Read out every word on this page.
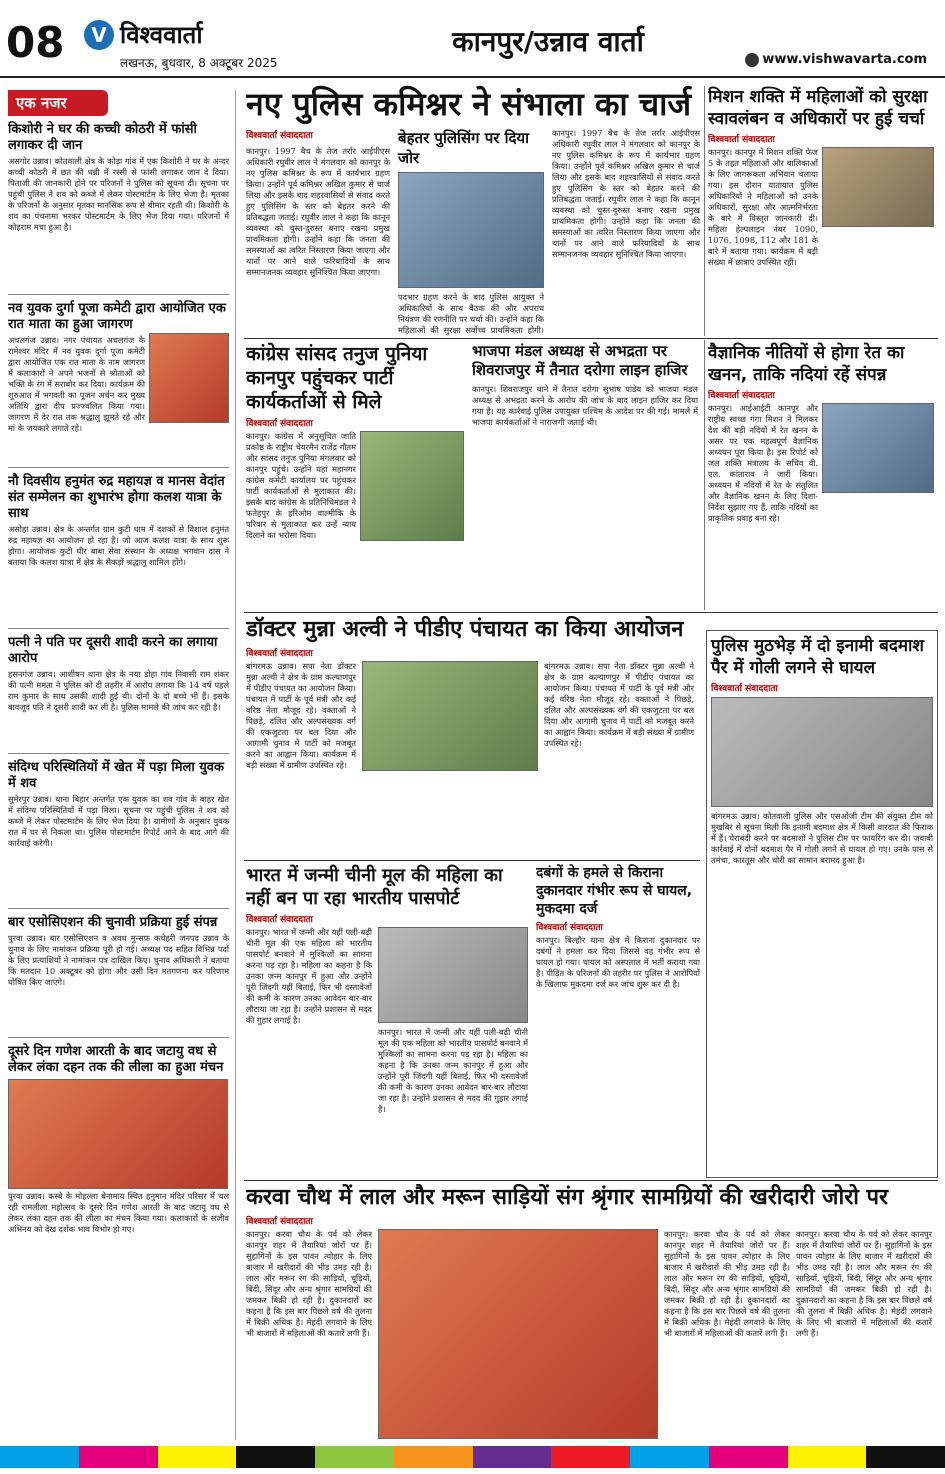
08	V विश्ववार्ता
लखनऊ, बुधवार, 8 अक्टूबर 2025
कानपुर/उन्नाव वार्ता
www.vishwavarta.com
एक नजर
किशोरी ने घर की कच्ची कोठरी में फांसी लगाकर दी जान
असगोर उन्नाव। कोतवाली क्षेत्र के कोड़ा गांव में एक किशोरी ने घर के अन्दर कच्ची कोठरी में छत की धन्नी में रस्सी से फांसी लगाकर जान दे दिया। पिताजी की जानकारी होने पर परिजनों ने पुलिस को सूचना दी। सूचना पर पहुंची पुलिस ने शव को कब्जे में लेकर पोस्टमार्टम के लिए भेजा है। मृतका के परिजनों के अनुसार मृतका मानसिक रूप से बीमार रहती थी। किशोरी के शव का पंचनामा भरकर पोस्टमार्टम के लिए भेज दिया गया। परिजनों में कोहराम मचा हुआ है।
नव युवक दुर्गा पूजा कमेटी द्वारा आयोजित एक रात माता का हुआ जागरण
अचलगंज उन्नाव। नगर पंचायत अचलगंज के रामेश्वर मंदिर में नव युवक दुर्गा पूजा कमेटी द्वारा आयोजित एक रात माता के नाम जागरण में कलाकारों ने अपने भजनों से श्रोताओं को भक्ति के रंग में सराबोर कर दिया। कार्यक्रम की शुरुआत में भगवती का पूजन अर्चन कर मुख्य अतिथि द्वारा दीप प्रज्ज्वलित किया गया। जागरण में देर रात तक श्रद्धालु झूमते रहे और मां के जयकारे लगाते रहे।
नौ दिवसीय हनुमंत रुद्र महायज्ञ व मानस वेदांत संत सम्मेलन का शुभारंभ होगा कलश यात्रा के साथ
असोहा उन्नाव। क्षेत्र के अन्तर्गत ग्राम कुटी धाम में दशकों से विशाल हनुमंत रुद्र महायज्ञ का आयोजन हो रहा है। जो आज कलश यात्रा के साथ शुरू होगा। आयोजक कुटी धीर बाबा सेवा संस्थान के अध्यक्ष भगवान दास ने बताया कि कलश यात्रा में क्षेत्र के सैकड़ों श्रद्धालु शामिल होंगे।
पत्नी ने पति पर दूसरी शादी करने का लगाया आरोप
हसनगंज उन्नाव। आशीषन थाना क्षेत्र के नया डोहा गांव निवासी राम शंकर की पत्नी ममता ने पुलिस को दी तहरीर में आरोप लगाया कि 14 वर्ष पहले राम कुमार के साथ उसकी शादी हुई थी। दोनों के दो बच्चे भी हैं। इसके बावजूद पति ने दूसरी शादी कर ली है। पुलिस मामले की जांच कर रही है।
संदिग्ध परिस्थितियों में खेत में पड़ा मिला युवक में शव
सुमेरपुर उन्नाव। थाना बिहार अन्तर्गत एक युवक का शव गांव के बाहर खेत में संदिग्ध परिस्थितियों में पड़ा मिला। सूचना पर पहुंची पुलिस ने शव को कब्जे में लेकर पोस्टमार्टम के लिए भेज दिया है। ग्रामीणों के अनुसार युवक रात में घर से निकला था। पुलिस पोस्टमार्टम रिपोर्ट आने के बाद आगे की कार्रवाई करेगी।
बार एसोसिएशन की चुनावी प्रक्रिया हुई संपन्न
पुरवा उन्नाव। बार एसोसिएशन व अवध मुन्सफ़ कचेहरी जनपद उन्नाव के चुनाव के लिए नामांकन प्रक्रिया पूरी हो गई। अध्यक्ष पद सहित विभिन्न पदों के लिए प्रत्याशियों ने नामांकन पत्र दाखिल किए। चुनाव अधिकारी ने बताया कि मतदान 10 अक्टूबर को होगा और उसी दिन मतगणना कर परिणाम घोषित किए जाएंगे।
दूसरे दिन गणेश आरती के बाद जटायु वध से लेकर लंका दहन तक की लीला का हुआ मंचन
पुरवा उन्नाव। कस्बे के मोहल्ला बेनामाय स्थित हनुमान मंदिर परिसर में चल रही रामलीला महोत्सव के दूसरे दिन गणेश आरती के बाद जटायु वध से लेकर लंका दहन तक की लीला का मंचन किया गया। कलाकारों के सजीव अभिनय को देख दर्शक भाव विभोर हो गए।
नए पुलिस कमिश्नर ने संभाला का चार्ज
विश्ववार्ता संवाददाता
कानपुर। 1997 बैच के तेज तर्रार आईपीएस अधिकारी रघुवीर लाल ने मंगलवार को कानपुर के नए पुलिस कमिश्नर के रूप में कार्यभार ग्रहण किया। उन्होंने पूर्व कमिश्नर अखिल कुमार से चार्ज लिया और इसके बाद शहरवासियों से संवाद करते हुए पुलिसिंग के स्तर को बेहतर करने की प्रतिबद्धता जताई। रघुवीर लाल ने कहा कि कानून व्यवस्था को चुस्त-दुरुस्त बनाए रखना प्रमुख प्राथमिकता होगी। उन्होंने कहा कि जनता की समस्याओं का त्वरित निस्तारण किया जाएगा और थानों पर आने वाले फरियादियों के साथ सम्मानजनक व्यवहार सुनिश्चित किया जाएगा।
बेहतर पुलिसिंग पर दिया जोर
पदभार ग्रहण करने के बाद पुलिस आयुक्त ने अधिकारियों के साथ बैठक की और अपराध नियंत्रण की रणनीति पर चर्चा की। उन्होंने कहा कि महिलाओं की सुरक्षा सर्वोच्च प्राथमिकता होगी।
कानपुर। 1997 बैच के तेज तर्रार आईपीएस अधिकारी रघुवीर लाल ने मंगलवार को कानपुर के नए पुलिस कमिश्नर के रूप में कार्यभार ग्रहण किया। उन्होंने पूर्व कमिश्नर अखिल कुमार से चार्ज लिया और इसके बाद शहरवासियों से संवाद करते हुए पुलिसिंग के स्तर को बेहतर करने की प्रतिबद्धता जताई। रघुवीर लाल ने कहा कि कानून व्यवस्था को चुस्त-दुरुस्त बनाए रखना प्रमुख प्राथमिकता होगी। उन्होंने कहा कि जनता की समस्याओं का त्वरित निस्तारण किया जाएगा और थानों पर आने वाले फरियादियों के साथ सम्मानजनक व्यवहार सुनिश्चित किया जाएगा।
मिशन शक्ति में महिलाओं को सुरक्षा स्वावलंबन व अधिकारों पर हुई चर्चा
विश्ववार्ता संवाददाता
कानपुर। कानपुर में मिशन शक्ति फेज 5 के तहत महिलाओं और बालिकाओं के लिए जागरूकता अभियान चलाया गया। इस दौरान यातायात पुलिस अधिकारियों ने महिलाओं को उनके अधिकारों, सुरक्षा और आत्मनिर्भरता के बारे में विस्तृत जानकारी दी। महिला हेल्पलाइन नंबर 1090, 1076, 1098, 112 और 181 के बारे में बताया गया। कार्यक्रम में बड़ी संख्या में छात्राएं उपस्थित रहीं।
कांग्रेस सांसद तनुज पुनिया कानपुर पहुंचकर पार्टी कार्यकर्ताओं से मिले
विश्ववार्ता संवाददाता
कानपुर। कांग्रेस में अनुसूचित जाति प्रकोष्ठ के राष्ट्रीय चेयरमैन राजेंद्र गौतम और सांसद तनुज पुनिया मंगलवार को कानपुर पहुंचे। उन्होंने यहां महानगर कांग्रेस कमेटी कार्यालय पर पहुंचकर पार्टी कार्यकर्ताओं से मुलाकात की। इसके बाद कांग्रेस के प्रतिनिधिमंडल ने फतेहपुर के हरिओम वाल्मीकि के परिवार से मुलाकात कर उन्हें न्याय दिलाने का भरोसा दिया।
भाजपा मंडल अध्यक्ष से अभद्रता पर शिवराजपुर में तैनात दरोगा लाइन हाजिर
कानपुर। शिवराजपुर थाने में तैनात दरोगा सुभाष पांडेय को भाजपा मंडल अध्यक्ष से अभद्रता करने के आरोप की जांच के बाद लाइन हाजिर कर दिया गया है। यह कार्रवाई पुलिस उपायुक्त पश्चिम के आदेश पर की गई। मामले में भाजपा कार्यकर्ताओं ने नाराजगी जताई थी।
वैज्ञानिक नीतियों से होगा रेत का खनन, ताकि नदियां रहें संपन्न
विश्ववार्ता संवाददाता
कानपुर। आईआईटी कानपुर और राष्ट्रीय स्वच्छ गंगा मिशन ने मिलकर देश की बड़ी नदियों में रेत खनन के असर पर एक महत्वपूर्ण वैज्ञानिक अध्ययन पूरा किया है। इस रिपोर्ट को जल शक्ति मंत्रालय के सचिव वी. एल. कांताराव ने जारी किया। अध्ययन में नदियों में रेत के संतुलित और वैज्ञानिक खनन के लिए दिशा-निर्देश सुझाए गए हैं, ताकि नदियों का प्राकृतिक प्रवाह बना रहे।
डॉक्टर मुन्ना अल्वी ने पीडीए पंचायत का किया आयोजन
विश्ववार्ता संवाददाता
बांगरमऊ उन्नाव। सपा नेता डॉक्टर मुन्ना अल्वी ने क्षेत्र के ग्राम कल्याणपुर में पीडीए पंचायत का आयोजन किया। पंचायत में पार्टी के पूर्व मंत्री और कई वरिष्ठ नेता मौजूद रहे। वक्ताओं ने पिछड़े, दलित और अल्पसंख्यक वर्ग की एकजुटता पर बल दिया और आगामी चुनाव में पार्टी को मजबूत करने का आह्वान किया। कार्यक्रम में बड़ी संख्या में ग्रामीण उपस्थित रहे।
बांगरमऊ उन्नाव। सपा नेता डॉक्टर मुन्ना अल्वी ने क्षेत्र के ग्राम कल्याणपुर में पीडीए पंचायत का आयोजन किया। पंचायत में पार्टी के पूर्व मंत्री और कई वरिष्ठ नेता मौजूद रहे। वक्ताओं ने पिछड़े, दलित और अल्पसंख्यक वर्ग की एकजुटता पर बल दिया और आगामी चुनाव में पार्टी को मजबूत करने का आह्वान किया। कार्यक्रम में बड़ी संख्या में ग्रामीण उपस्थित रहे।
पुलिस मुठभेड़ में दो इनामी बदमाश पैर में गोली लगने से घायल
विश्ववार्ता संवाददाता
बांगरमऊ उन्नाव। कोतवाली पुलिस और एसओजी टीम की संयुक्त टीम को मुखबिर से सूचना मिली कि इनामी बदमाश क्षेत्र में किसी वारदात की फिराक में हैं। घेराबंदी करने पर बदमाशों ने पुलिस टीम पर फायरिंग कर दी। जवाबी कार्रवाई में दोनों बदमाश पैर में गोली लगने से घायल हो गए। उनके पास से तमंचा, कारतूस और चोरी का सामान बरामद हुआ है।
भारत में जन्मी चीनी मूल की महिला का नहीं बन पा रहा भारतीय पासपोर्ट
विश्ववार्ता संवाददाता
कानपुर। भारत में जन्मी और यहीं पली-बढ़ी चीनी मूल की एक महिला को भारतीय पासपोर्ट बनवाने में मुश्किलों का सामना करना पड़ रहा है। महिला का कहना है कि उनका जन्म कानपुर में हुआ और उन्होंने पूरी जिंदगी यहीं बिताई, फिर भी दस्तावेजों की कमी के कारण उनका आवेदन बार-बार लौटाया जा रहा है। उन्होंने प्रशासन से मदद की गुहार लगाई है।
कानपुर। भारत में जन्मी और यहीं पली-बढ़ी चीनी मूल की एक महिला को भारतीय पासपोर्ट बनवाने में मुश्किलों का सामना करना पड़ रहा है। महिला का कहना है कि उनका जन्म कानपुर में हुआ और उन्होंने पूरी जिंदगी यहीं बिताई, फिर भी दस्तावेजों की कमी के कारण उनका आवेदन बार-बार लौटाया जा रहा है। उन्होंने प्रशासन से मदद की गुहार लगाई है।
दबंगों के हमले से किराना दुकानदार गंभीर रूप से घायल, मुकदमा दर्ज
विश्ववार्ता संवाददाता
कानपुर। बिल्हौर थाना क्षेत्र में किराना दुकानदार पर दबंगों ने हमला कर दिया जिससे वह गंभीर रूप से घायल हो गया। घायल को अस्पताल में भर्ती कराया गया है। पीड़ित के परिजनों की तहरीर पर पुलिस ने आरोपियों के खिलाफ मुकदमा दर्ज कर जांच शुरू कर दी है।
करवा चौथ में लाल और मरून साड़ियों संग श्रृंगार सामग्रियों की खरीदारी जोरो पर
विश्ववार्ता संवाददाता
कानपुर। करवा चौथ के पर्व को लेकर कानपुर शहर में तैयारियां जोरों पर हैं। सुहागिनों के इस पावन त्योहार के लिए बाजार में खरीदारों की भीड़ उमड़ रही है। लाल और मरून रंग की साड़ियों, चूड़ियों, बिंदी, सिंदूर और अन्य श्रृंगार सामग्रियों की जमकर बिक्री हो रही है। दुकानदारों का कहना है कि इस बार पिछले वर्ष की तुलना में बिक्री अधिक है। मेहंदी लगवाने के लिए भी बाजारों में महिलाओं की कतारें लगी हैं।
कानपुर। करवा चौथ के पर्व को लेकर कानपुर शहर में तैयारियां जोरों पर हैं। सुहागिनों के इस पावन त्योहार के लिए बाजार में खरीदारों की भीड़ उमड़ रही है। लाल और मरून रंग की साड़ियों, चूड़ियों, बिंदी, सिंदूर और अन्य श्रृंगार सामग्रियों की जमकर बिक्री हो रही है। दुकानदारों का कहना है कि इस बार पिछले वर्ष की तुलना में बिक्री अधिक है। मेहंदी लगवाने के लिए भी बाजारों में महिलाओं की कतारें लगी हैं।
कानपुर। करवा चौथ के पर्व को लेकर कानपुर शहर में तैयारियां जोरों पर हैं। सुहागिनों के इस पावन त्योहार के लिए बाजार में खरीदारों की भीड़ उमड़ रही है। लाल और मरून रंग की साड़ियों, चूड़ियों, बिंदी, सिंदूर और अन्य श्रृंगार सामग्रियों की जमकर बिक्री हो रही है। दुकानदारों का कहना है कि इस बार पिछले वर्ष की तुलना में बिक्री अधिक है। मेहंदी लगवाने के लिए भी बाजारों में महिलाओं की कतारें लगी हैं।
